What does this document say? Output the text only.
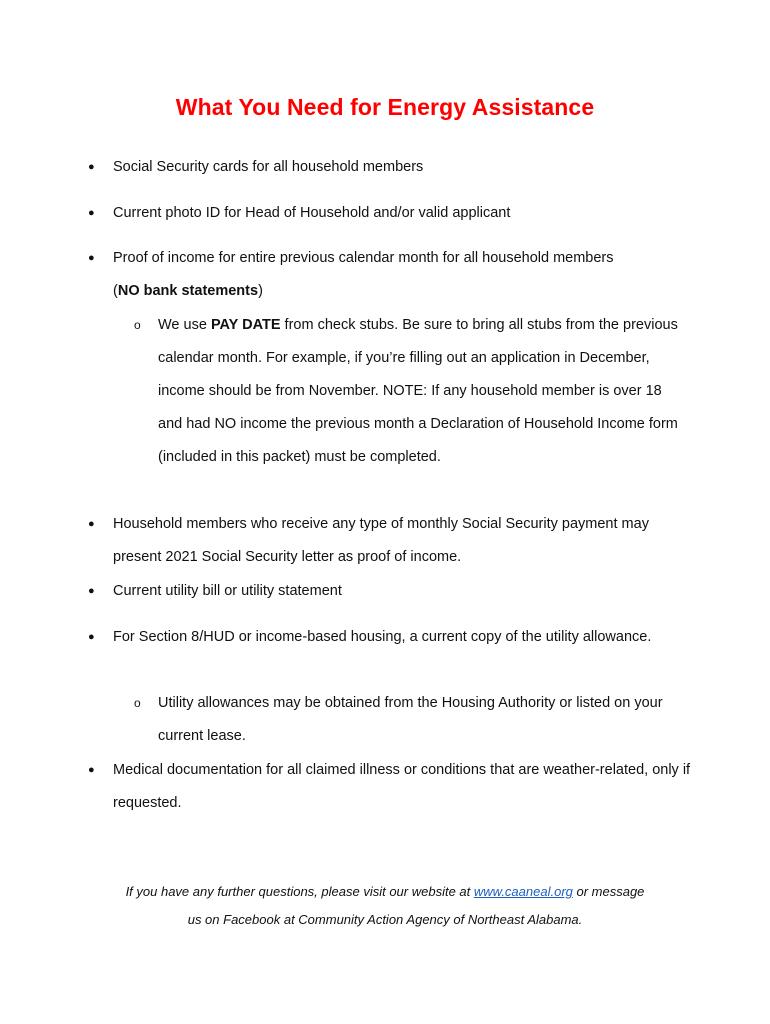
What You Need for Energy Assistance
● Social Security cards for all household members
● Current photo ID for Head of Household and/or valid applicant
● Proof of income for entire previous calendar month for all household members
(NO bank statements)
o We use PAY DATE from check stubs. Be sure to bring all stubs from the previous calendar month. For example, if you’re filling out an application in December, income should be from November. NOTE: If any household member is over 18 and had NO income the previous month a Declaration of Household Income form (included in this packet) must be completed.
● Household members who receive any type of monthly Social Security payment may present 2021 Social Security letter as proof of income.
● Current utility bill or utility statement
● For Section 8/HUD or income-based housing, a current copy of the utility allowance.
o Utility allowances may be obtained from the Housing Authority or listed on your current lease.
● Medical documentation for all claimed illness or conditions that are weather-related, only if requested.
If you have any further questions, please visit our website at www.caaneal.org or message
us on Facebook at Community Action Agency of Northeast Alabama.
